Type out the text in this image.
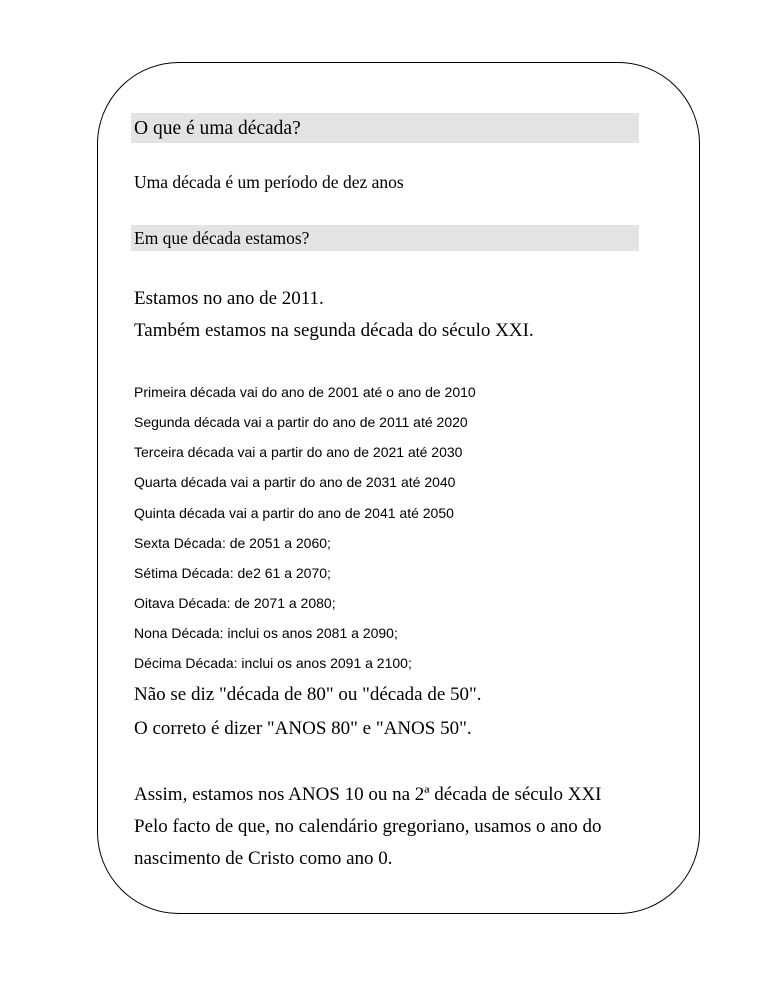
O que é uma década?
Uma década é um período de dez anos
Em que década estamos?
Estamos no ano de 2011.
Também estamos na segunda década do século XXI.
Primeira década vai do ano de 2001 até o ano de 2010
Segunda década vai a partir do ano de 2011 até 2020
Terceira década vai a partir do ano de 2021 até 2030
Quarta década vai a partir do ano de 2031 até 2040
Quinta década vai a partir do ano de 2041 até 2050
Sexta Década: de 2051 a 2060;
Sétima Década: de2 61 a 2070;
Oitava Década: de 2071 a 2080;
Nona Década: inclui os anos 2081 a 2090;
Décima Década: inclui os anos 2091 a 2100;
Não se diz "década de 80" ou "década de 50".
O correto é dizer "ANOS 80" e "ANOS 50".
Assim, estamos nos ANOS 10 ou na 2ª década de século XXI
Pelo facto de que, no calendário gregoriano, usamos o ano do
nascimento de Cristo como ano 0.
